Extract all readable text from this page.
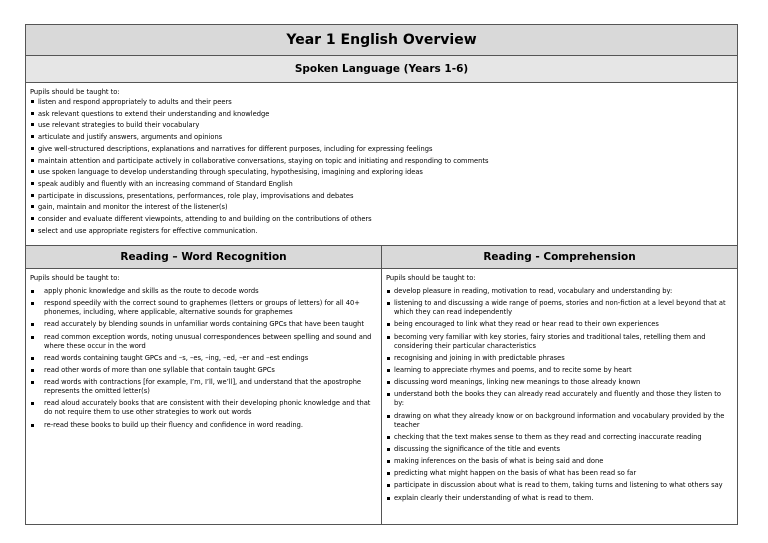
Year 1 English Overview
Spoken Language (Years 1-6)
Pupils should be taught to:
listen and respond appropriately to adults and their peers
ask relevant questions to extend their understanding and knowledge
use relevant strategies to build their vocabulary
articulate and justify answers, arguments and opinions
give well-structured descriptions, explanations and narratives for different purposes, including for expressing feelings
maintain attention and participate actively in collaborative conversations, staying on topic and initiating and responding to comments
use spoken language to develop understanding through speculating, hypothesising, imagining and exploring ideas
speak audibly and fluently with an increasing command of Standard English
participate in discussions, presentations, performances, role play, improvisations and debates
gain, maintain and monitor the interest of the listener(s)
consider and evaluate different viewpoints, attending to and building on the contributions of others
select and use appropriate registers for effective communication.
Reading – Word Recognition	Reading - Comprehension
Pupils should be taught to:
apply phonic knowledge and skills as the route to decode words
respond speedily with the correct sound to graphemes (letters or groups of letters) for all 40+ phonemes, including, where applicable, alternative sounds for graphemes
read accurately by blending sounds in unfamiliar words containing GPCs that have been taught
read common exception words, noting unusual correspondences between spelling and sound and where these occur in the word
read words containing taught GPCs and –s, –es, –ing, –ed, –er and –est endings
read other words of more than one syllable that contain taught GPCs
read words with contractions [for example, I’m, I’ll, we’ll], and understand that the apostrophe represents the omitted letter(s)
read aloud accurately books that are consistent with their developing phonic knowledge and that do not require them to use other strategies to work out words
re-read these books to build up their fluency and confidence in word reading.
Pupils should be taught to:
develop pleasure in reading, motivation to read, vocabulary and understanding by:
listening to and discussing a wide range of poems, stories and non-fiction at a level beyond that at which they can read independently
being encouraged to link what they read or hear read to their own experiences
becoming very familiar with key stories, fairy stories and traditional tales, retelling them and considering their particular characteristics
recognising and joining in with predictable phrases
learning to appreciate rhymes and poems, and to recite some by heart
discussing word meanings, linking new meanings to those already known
understand both the books they can already read accurately and fluently and those they listen to by:
drawing on what they already know or on background information and vocabulary provided by the teacher
checking that the text makes sense to them as they read and correcting inaccurate reading
discussing the significance of the title and events
making inferences on the basis of what is being said and done
predicting what might happen on the basis of what has been read so far
participate in discussion about what is read to them, taking turns and listening to what others say
explain clearly their understanding of what is read to them.
